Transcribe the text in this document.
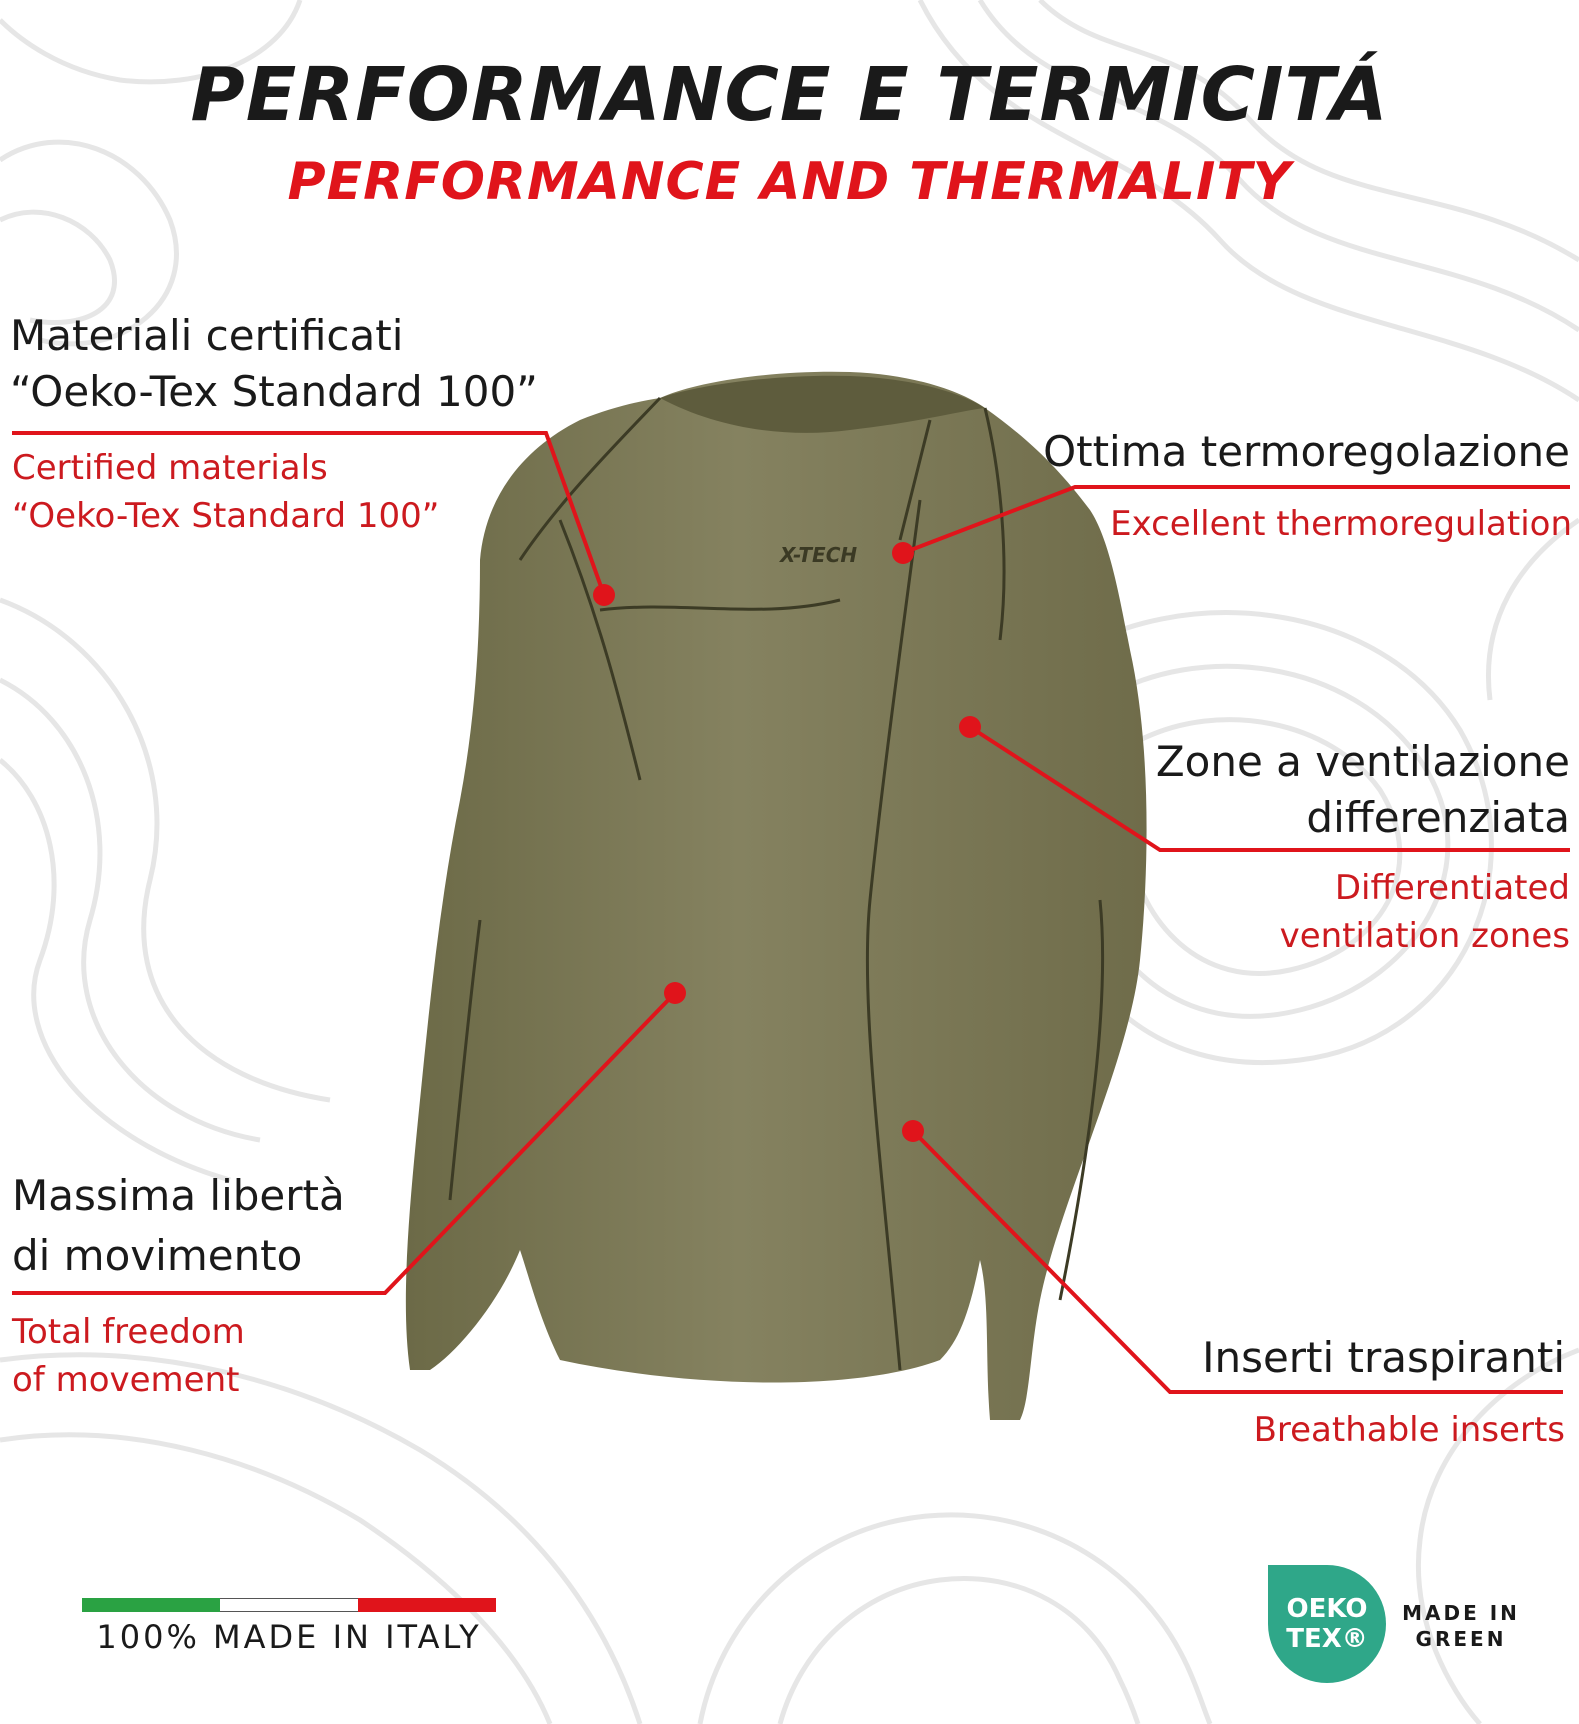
X-TECH
PERFORMANCE E TERMICITÁ
PERFORMANCE AND THERMALITY

Materiali certificati

“Oeko-Tex Standard 100”

Certified materials

“Oeko-Tex Standard 100”

Ottima termoregolazione

Excellent thermoregulation

Zone a ventilazione

differenziata

Differentiated

ventilation zones

Massima libertà

di movimento

Total freedom

of movement	Inserti traspiranti

Breathable inserts

100% MADE IN ITALY

OEKO
TEX®
MADE IN
GREEN
